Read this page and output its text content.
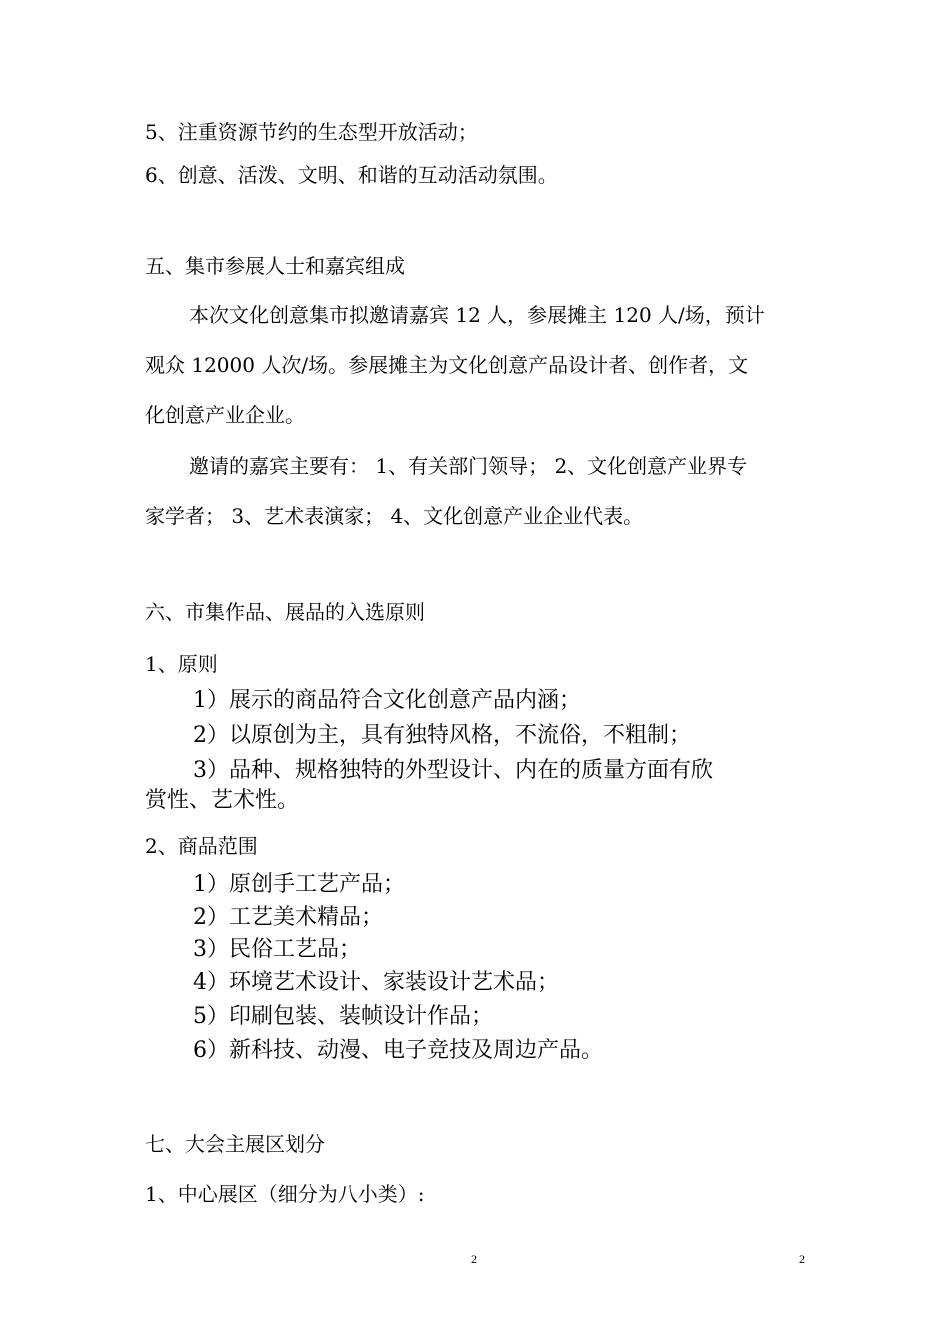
5、注重资源节约的生态型开放活动；
6、创意、活泼、文明、和谐的互动活动氛围。
五、集市参展人士和嘉宾组成
本次文化创意集市拟邀请嘉宾 12 人，参展摊主 120 人/场，预计
观众 12000 人次/场。参展摊主为文化创意产品设计者、创作者，文
化创意产业企业。
邀请的嘉宾主要有： 1、有关部门领导； 2、文化创意产业界专
家学者； 3、艺术表演家； 4、文化创意产业企业代表。
六、市集作品、展品的入选原则
1、原则
1）展示的商品符合文化创意产品内涵；
2）以原创为主，具有独特风格，不流俗，不粗制；
3）品种、规格独特的外型设计、内在的质量方面有欣
赏性、艺术性。
2、商品范围
1）原创手工艺产品；
2）工艺美术精品；
3）民俗工艺品；
4）环境艺术设计、家装设计艺术品；
5）印刷包装、装帧设计作品；
6）新科技、动漫、电子竞技及周边产品。
七、大会主展区划分
1、中心展区（细分为八小类）:
2	2
